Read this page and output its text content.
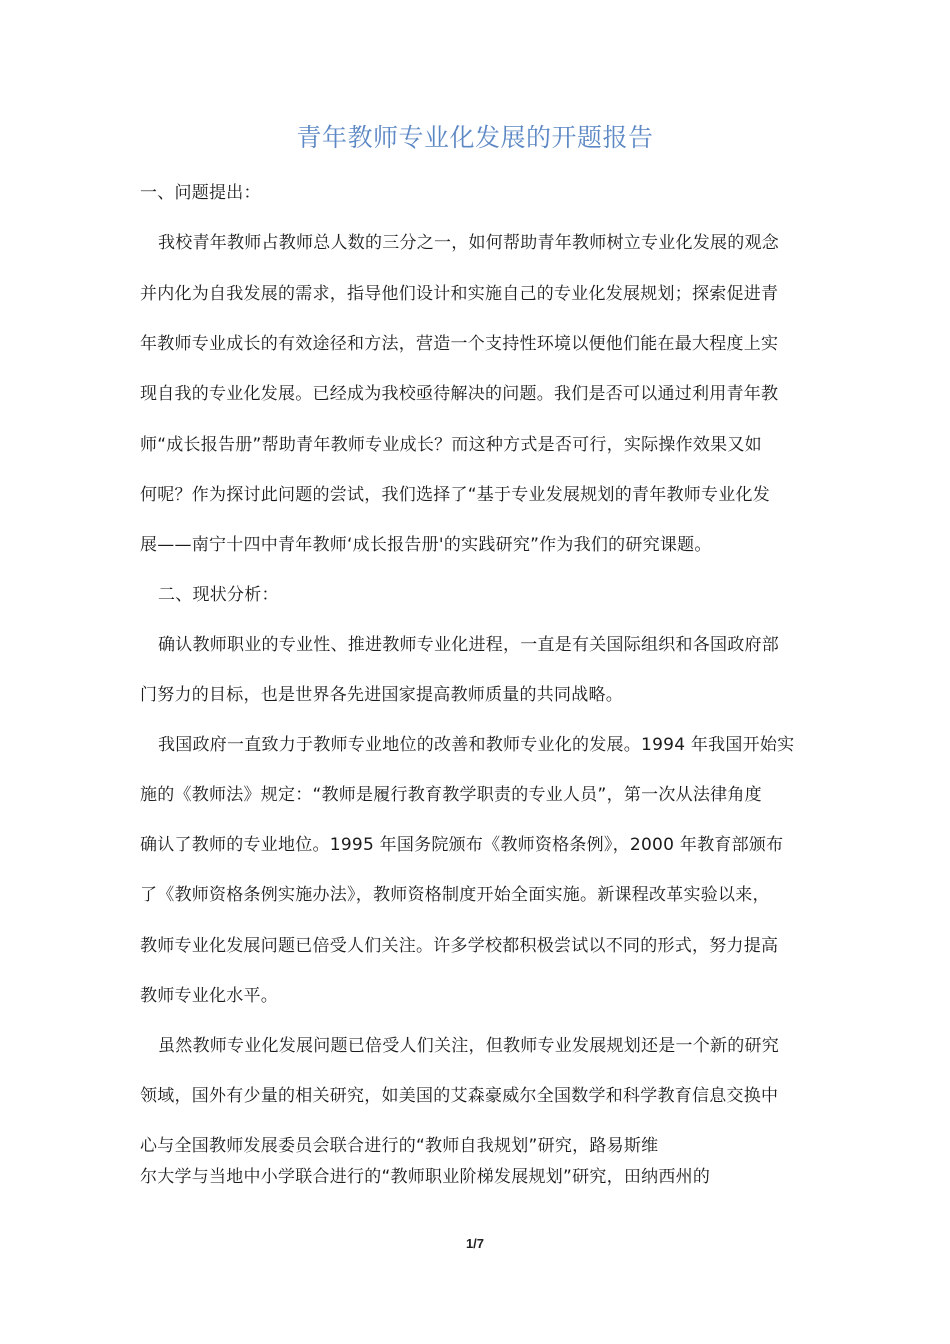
青年教师专业化发展的开题报告
一、问题提出：
我校青年教师占教师总人数的三分之一，如何帮助青年教师树立专业化发展的观念
并内化为自我发展的需求，指导他们设计和实施自己的专业化发展规划；探索促进青
年教师专业成长的有效途径和方法，营造一个支持性环境以便他们能在最大程度上实
现自我的专业化发展。已经成为我校亟待解决的问题。我们是否可以通过利用青年教
师“成长报告册”帮助青年教师专业成长？而这种方式是否可行，实际操作效果又如
何呢？作为探讨此问题的尝试，我们选择了“基于专业发展规划的青年教师专业化发
展——南宁十四中青年教师‘成长报告册'的实践研究”作为我们的研究课题。
二、现状分析：
确认教师职业的专业性、推进教师专业化进程，一直是有关国际组织和各国政府部
门努力的目标，也是世界各先进国家提高教师质量的共同战略。
我国政府一直致力于教师专业地位的改善和教师专业化的发展。1994 年我国开始实
施的《教师法》规定：“教师是履行教育教学职责的专业人员”，第一次从法律角度
确认了教师的专业地位。1995 年国务院颁布《教师资格条例》，2000 年教育部颁布
了《教师资格条例实施办法》，教师资格制度开始全面实施。新课程改革实验以来，
教师专业化发展问题已倍受人们关注。许多学校都积极尝试以不同的形式，努力提高
教师专业化水平。
虽然教师专业化发展问题已倍受人们关注，但教师专业发展规划还是一个新的研究
领域，国外有少量的相关研究，如美国的艾森豪威尔全国数学和科学教育信息交换中
心与全国教师发展委员会联合进行的“教师自我规划”研究，路易斯维
尔大学与当地中小学联合进行的“教师职业阶梯发展规划”研究，田纳西州的
1/7
